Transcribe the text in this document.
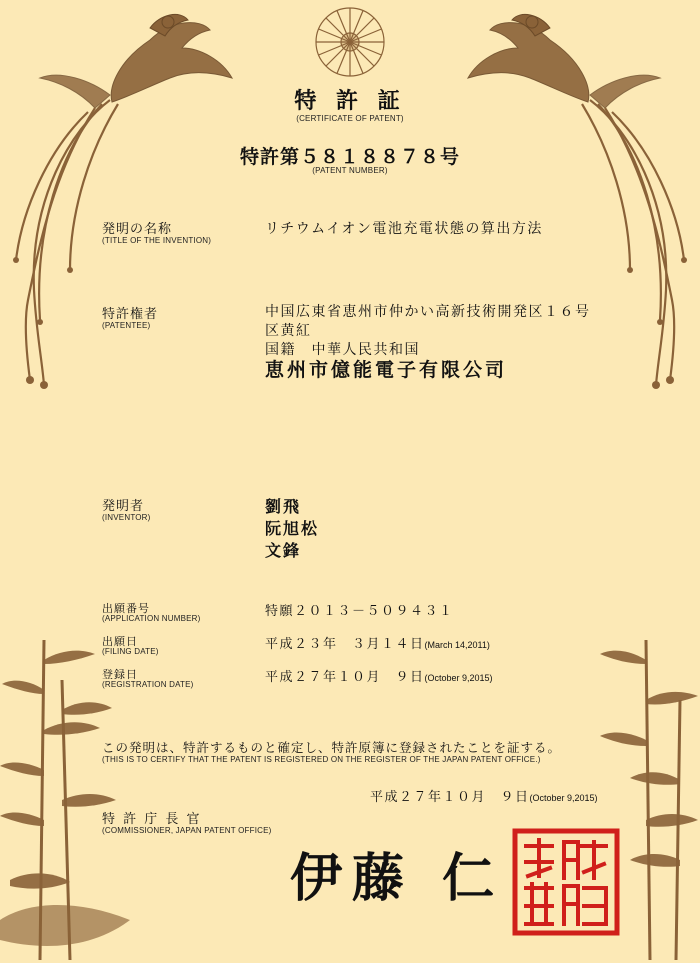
特 許 証
(CERTIFICATE OF PATENT)
特許第５８１８８７８号
(PATENT NUMBER)
発明の名称
(TITLE OF THE INVENTION)
リチウムイオン電池充電状態の算出方法
特許権者
(PATENTEE)
中国広東省恵州市仲かい高新技術開発区１６号
区黄紅
国籍　中華人民共和国
恵州市億能電子有限公司
発明者
(INVENTOR)
劉飛
阮旭松
文鋒
出願番号
(APPLICATION NUMBER)	特願２０１３－５０９４３１
出願日
(FILING DATE)	平成２３年　３月１４日(March 14,2011)
登録日
(REGISTRATION DATE)	平成２７年１０月　９日(October 9,2015)
この発明は、特許するものと確定し、特許原簿に登録されたことを証する。
(THIS IS TO CERTIFY THAT THE PATENT IS REGISTERED ON THE REGISTER OF THE JAPAN PATENT OFFICE.)
平成２７年１０月　９日(October 9,2015)
特 許 庁 長 官
(COMMISSIONER, JAPAN PATENT OFFICE)
伊藤 仁
